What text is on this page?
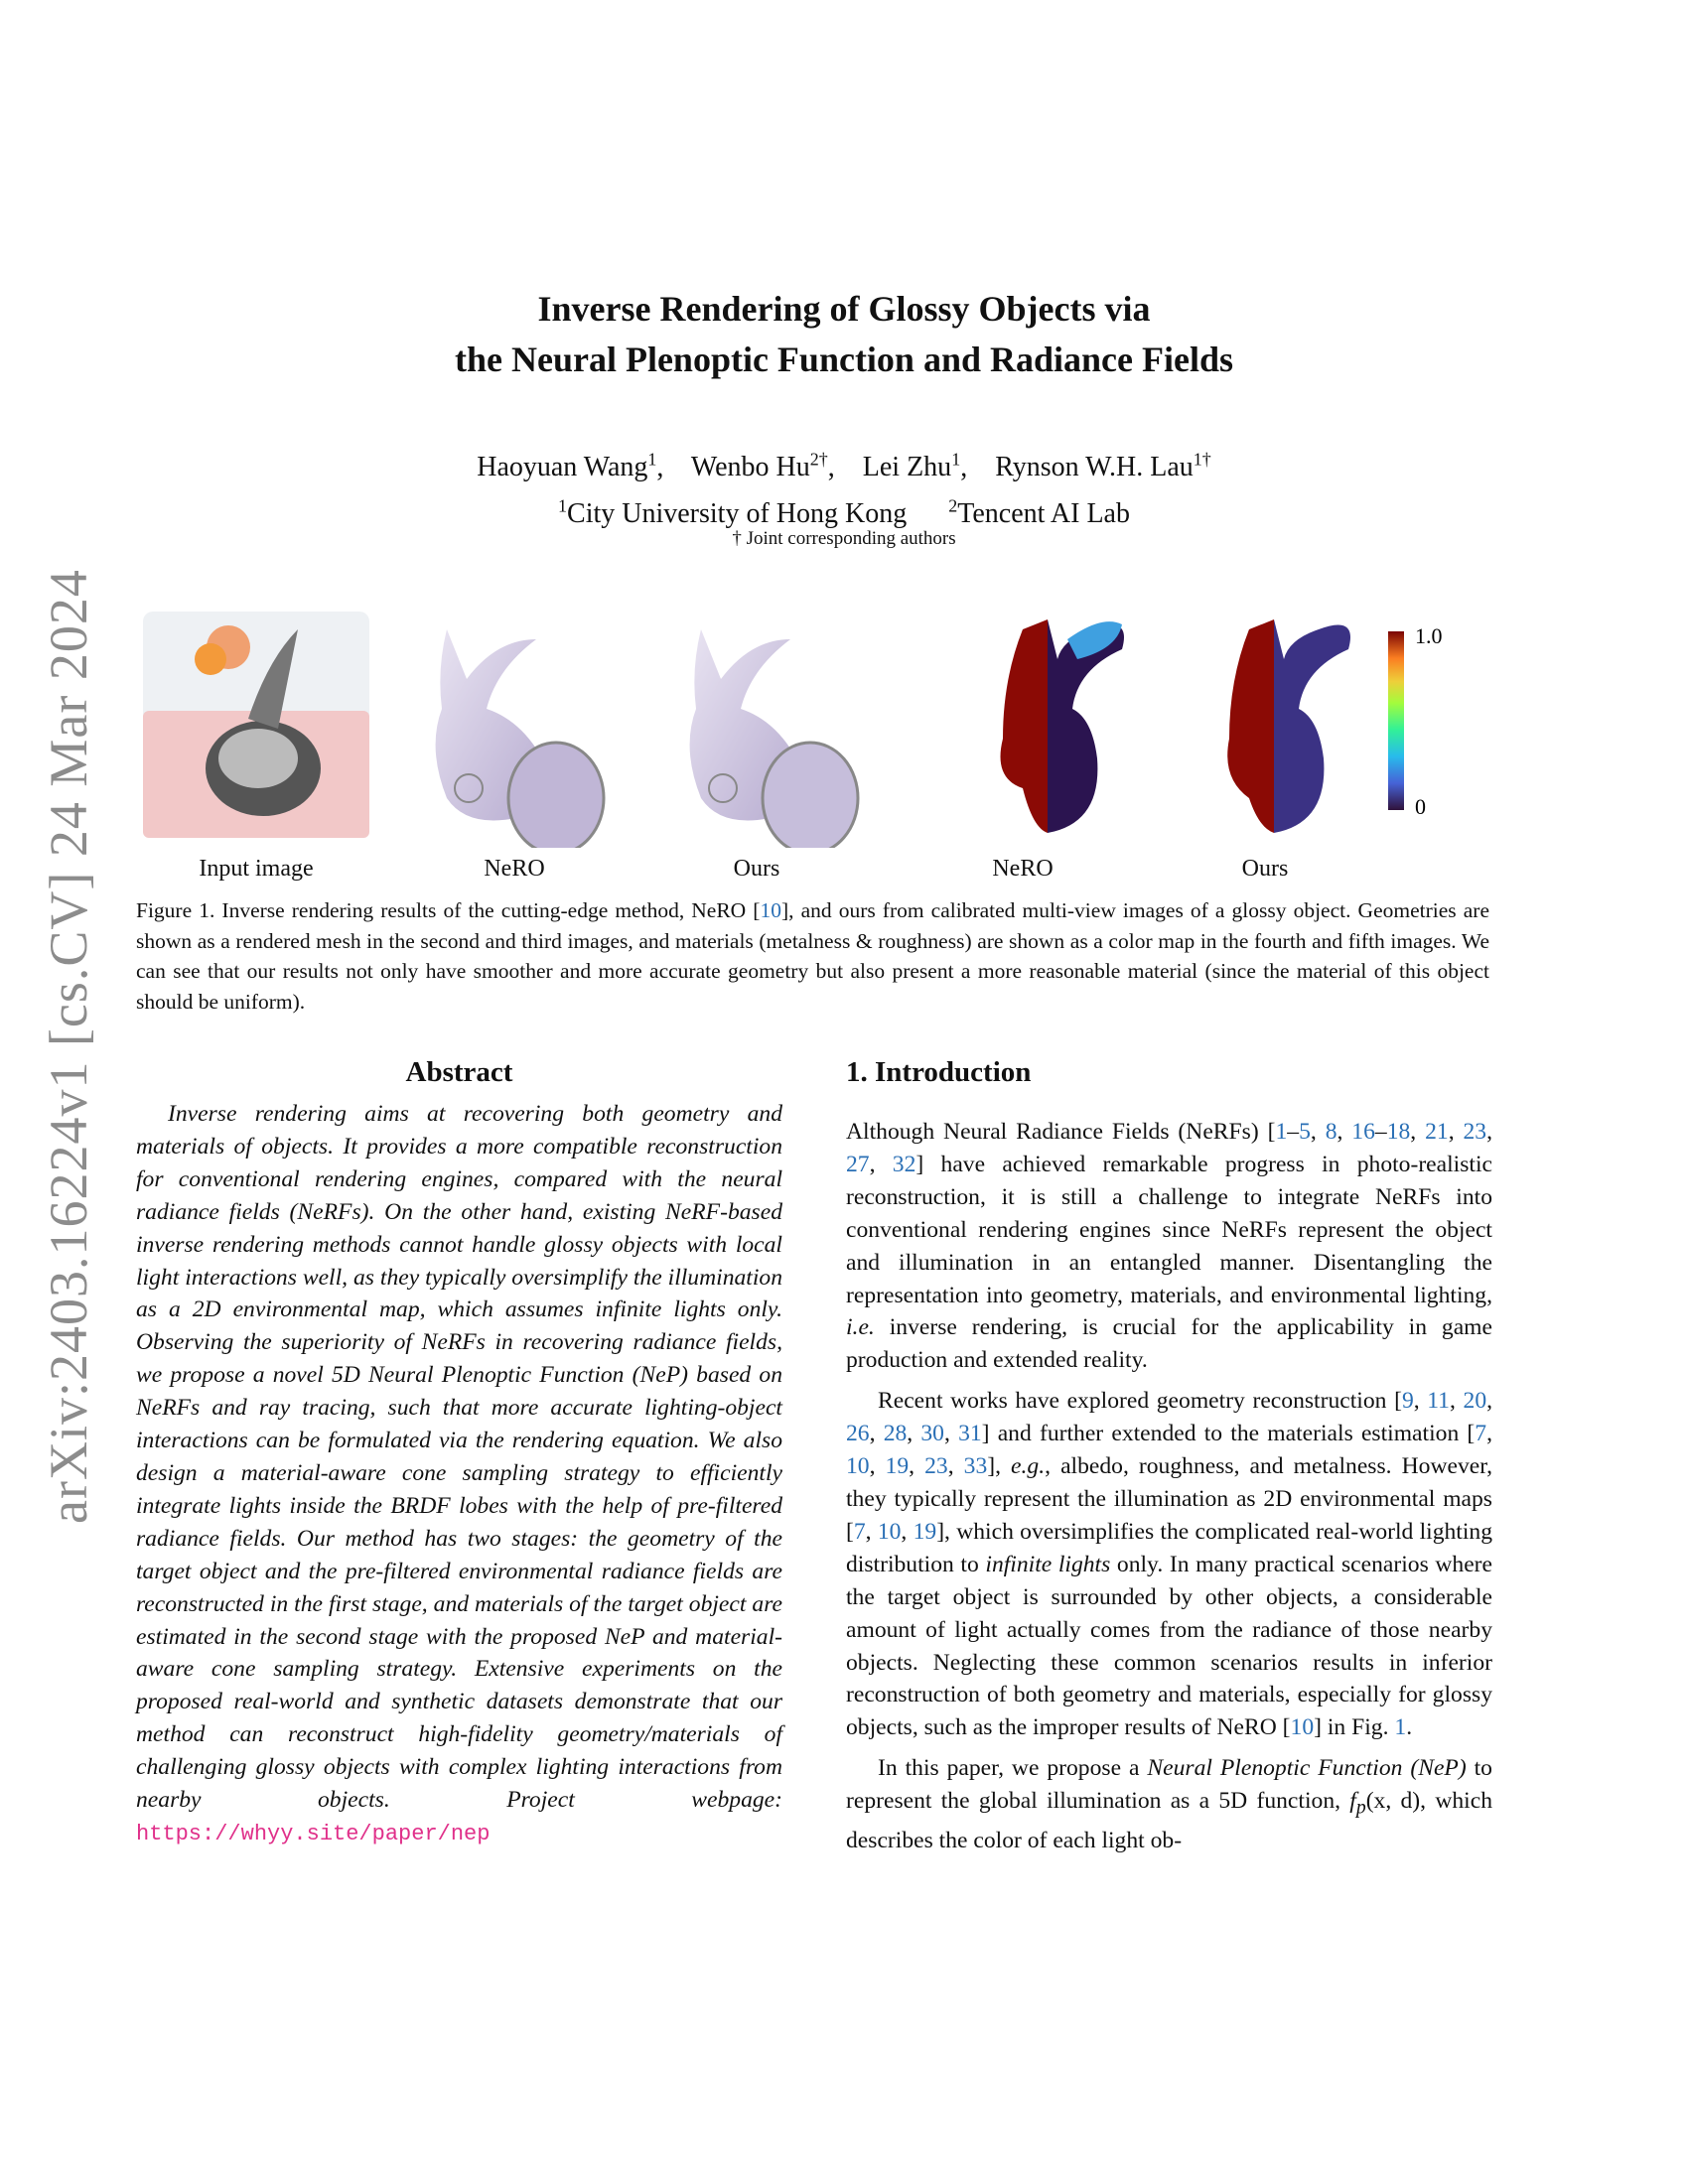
arXiv:2403.16224v1 [cs.CV] 24 Mar 2024
Inverse Rendering of Glossy Objects via
the Neural Plenoptic Function and Radiance Fields
Haoyuan Wang$^1$,    Wenbo $Hu^{2\dagger}$,    Lei Zhu$^1$,    Rynson W.H. Lau$^{1\dagger}$
$^1$City University of Hong Kong $^2$Tencent AI Lab
† Joint corresponding authors
1.0
0
Input image	NeRO	Ours	NeRO	Ours
Figure 1. Inverse rendering results of the cutting-edge method, NeRO [10], and ours from calibrated multi-view images of a glossy object. Geometries are shown as a rendered mesh in the second and third images, and materials (metalness & roughness) are shown as a color map in the fourth and fifth images. We can see that our results not only have smoother and more accurate geometry but also present a more reasonable material (since the material of this object should be uniform).
Abstract
Inverse rendering aims at recovering both geometry and materials of objects. It provides a more compatible reconstruction for conventional rendering engines, compared with the neural radiance fields (NeRFs). On the other hand, existing NeRF-based inverse rendering methods cannot handle glossy objects with local light interactions well, as they typically oversimplify the illumination as a 2D environmental map, which assumes infinite lights only. Observing the superiority of NeRFs in recovering radiance fields, we propose a novel 5D Neural Plenoptic Function (NeP) based on NeRFs and ray tracing, such that more accurate lighting-object interactions can be formulated via the rendering equation. We also design a material-aware cone sampling strategy to efficiently integrate lights inside the BRDF lobes with the help of pre-filtered radiance fields. Our method has two stages: the geometry of the target object and the pre-filtered environmental radiance fields are reconstructed in the first stage, and materials of the target object are estimated in the second stage with the proposed NeP and material-aware cone sampling strategy. Extensive experiments on the proposed real-world and synthetic datasets demonstrate that our method can reconstruct high-fidelity geometry/materials of challenging glossy objects with complex lighting interactions from nearby objects.	Project webpage: https://whyy.site/paper/nep
1. Introduction

Although Neural Radiance Fields (NeRFs) [1–5, 8, 16–18, 21, 23, 27, 32] have achieved remarkable progress in photo-realistic reconstruction, it is still a challenge to integrate NeRFs into conventional rendering engines since NeRFs represent the object and illumination in an entangled manner. Disentangling the representation into geometry, materials, and environmental lighting, i.e. inverse rendering, is crucial for the applicability in game production and extended reality.

Recent works have explored geometry reconstruction [9, 11, 20, 26, 28, 30, 31] and further extended to the materials estimation [7, 10, 19, 23, 33], e.g., albedo, roughness, and metalness. However, they typically represent the illumination as 2D environmental maps [7, 10, 19], which oversimplifies the complicated real-world lighting distribution to infinite lights only. In many practical scenarios where the target object is surrounded by other objects, a considerable amount of light actually comes from the radiance of those nearby objects. Neglecting these common scenarios results in inferior reconstruction of both geometry and materials, especially for glossy objects, such as the improper results of NeRO [10] in Fig. 1.

In this paper, we propose a Neural Plenoptic Function (NeP) to represent the global illumination as a 5D function, $f_p(x$, d), which describes the color of each light ob-
